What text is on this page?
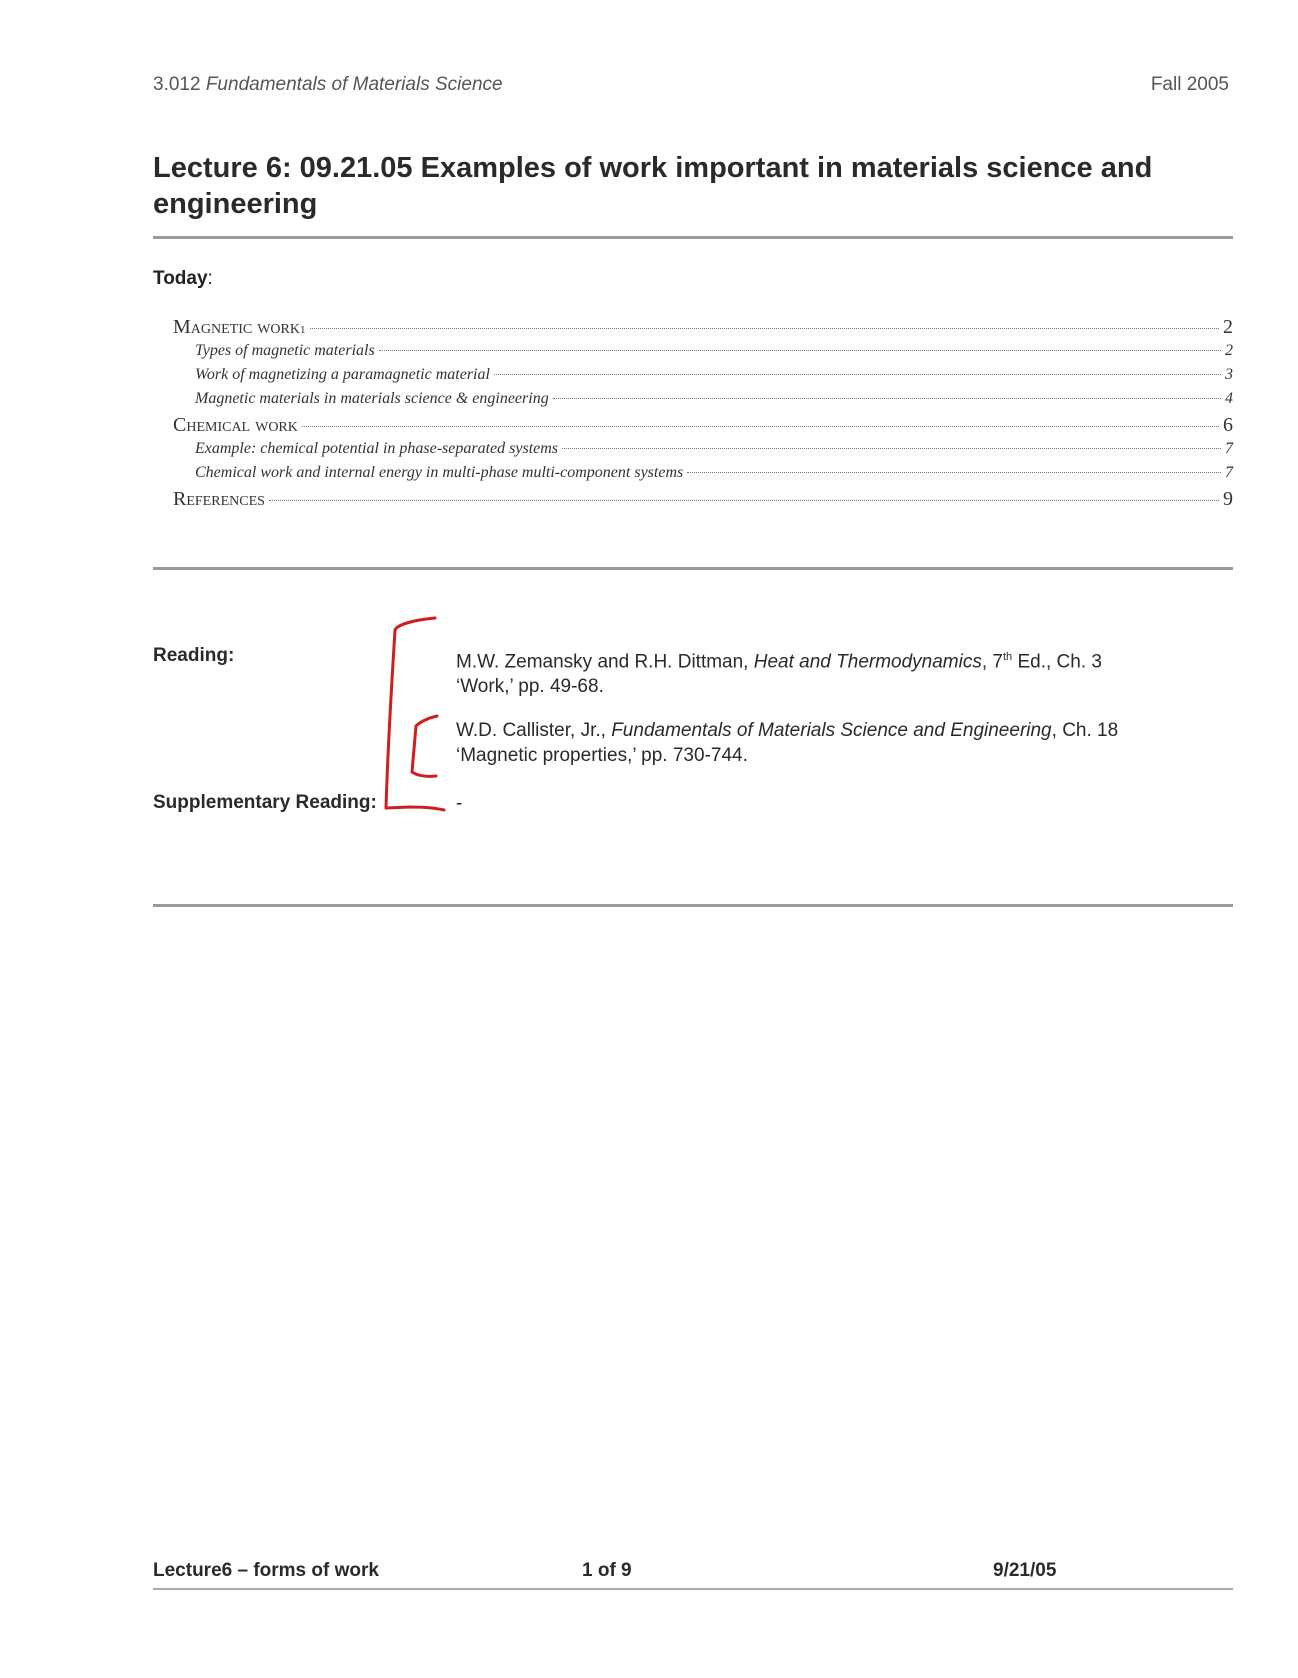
3.012 Fundamentals of Materials Science	Fall 2005
Lecture 6: 09.21.05 Examples of work important in materials science and engineering
Today:
Magnetic work 1	2
Types of magnetic materials	2
Work of magnetizing a paramagnetic material	3
Magnetic materials in materials science & engineering	4
Chemical work	6
Example: chemical potential in phase-separated systems	7
Chemical work and internal energy in multi-phase multi-component systems	7
References	9
Reading:	M.W. Zemansky and R.H. Dittman, Heat and Thermodynamics, 7th Ed., Ch. 3
‘Work,’ pp. 49-68.
W.D. Callister, Jr., Fundamentals of Materials Science and Engineering, Ch. 18
‘Magnetic properties,’ pp. 730-744.
Supplementary Reading:	-
Lecture6 – forms of work	1 of 9	9/21/05
